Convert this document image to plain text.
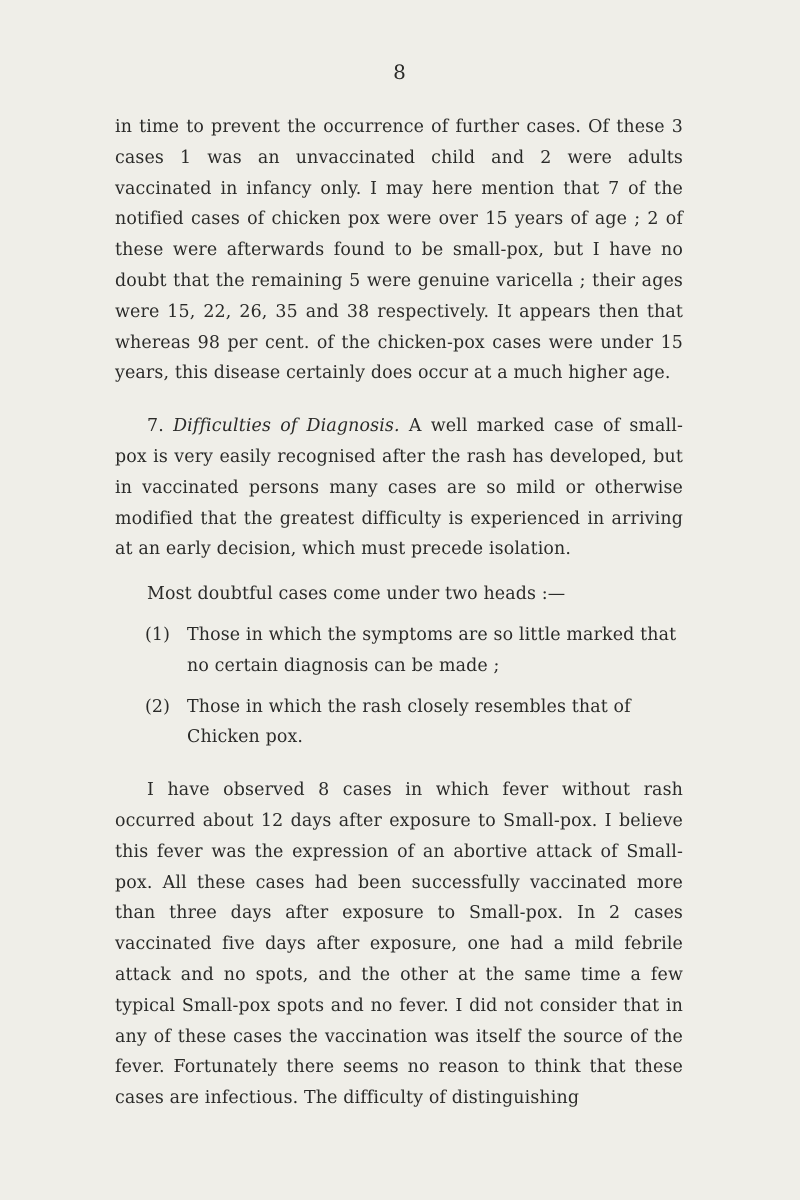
8

in time to prevent the occurrence of further cases. Of these 3 cases 1 was an unvaccinated child and 2 were adults vaccinated in infancy only. I may here mention that 7 of the notified cases of chicken pox were over 15 years of age ; 2 of these were afterwards found to be small-pox, but I have no doubt that the remaining 5 were genuine varicella ; their ages were 15, 22, 26, 35 and 38 respectively. It appears then that whereas 98 per cent. of the chicken-pox cases were under 15 years, this disease certainly does occur at a much higher age.

7. Difficulties of Diagnosis. A well marked case of small-pox is very easily recognised after the rash has developed, but in vaccinated persons many cases are so mild or otherwise modified that the greatest difficulty is experienced in arriving at an early decision, which must precede isolation.

Most doubtful cases come under two heads :—

(1) Those in which the symptoms are so little marked that no certain diagnosis can be made ;
(2) Those in which the rash closely resembles that of Chicken pox.

I have observed 8 cases in which fever without rash occurred about 12 days after exposure to Small-pox. I believe this fever was the expression of an abortive attack of Small-pox. All these cases had been successfully vaccinated more than three days after exposure to Small-pox. In 2 cases vaccinated five days after exposure, one had a mild febrile attack and no spots, and the other at the same time a few typical Small-pox spots and no fever. I did not consider that in any of these cases the vaccination was itself the source of the fever. Fortunately there seems no reason to think that these cases are infectious. The difficulty of distinguishing
